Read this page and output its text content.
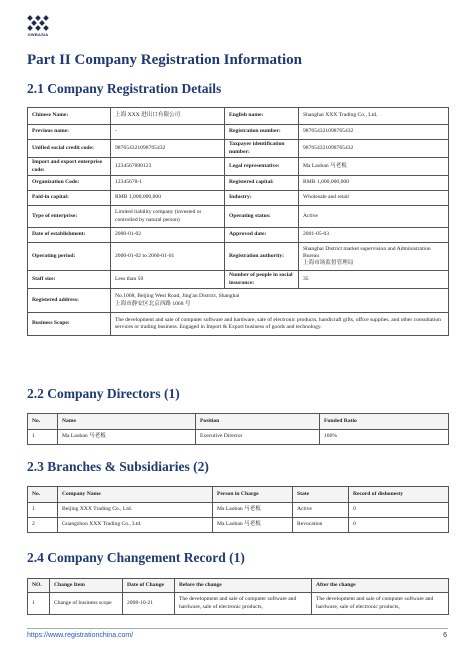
GWBASIA
Part II Company Registration Information
2.1 Company Registration Details
Chinese Name:	上海 XXX 进出口有限公司	English name:	Shanghai XXX Trading Co., Ltd.
Previous name:	-	Registration number:	987654321098765432
Unified social credit code:	987654321098765432	Taxpayer identification number:	987654321098765432
Import and export enterprise code:	1234567890123	Legal representative:	Ma Laoban 马老板
Organization Code:	12345678-1	Registered capital:	RMB 1,000,000,000
Paid-in capital:	RMB 1,000,000,000	Industry:	Wholesale and retail
Type of enterprise:	Limited liability company (invested or controlled by natural person)	Operating status:	Active
Date of establishment:	2000-01-02	Approved date:	2001-05-03
Operating period:	2000-01-02 to 2060-01-01	Registration authority:	Shanghai District market supervision and Administration Bureau
上海市场监督管理局
Staff size:	Less than 50	Number of people in social insurance:	35
Registered address:	No.1068, Beijing West Road, Jing'an District, Shanghai
上海市静安区北京西路 1068 号		
Business Scope:	The development and sale of computer software and hardware, sale of electronic products, handicraft gifts, office supplies, and other consultation services or trading business. Engaged in Import & Export business of goods and technology.		
2.2 Company Directors (1)
No.	Name	Position	Funded Ratio
1	Ma Laoban 马老板	Executive Director	100%
2.3 Branches & Subsidiaries (2)
No.	Company Name	Person in Charge	State	Record of dishonesty
1	Beijing XXX Trading Co., Ltd.	Ma Laoban 马老板	Active	0
2	Guangzhou XXX Trading Co., Ltd.	Ma Laoban 马老板	Revocation	0
2.4 Company Changement Record (1)
NO.	Change Item	Date of Change	Before the change	After the change
1	Change of business scope	2008-10-21	The development and sale of computer software and hardware, sale of electronic products,	The development and sale of computer software and hardware, sale of electronic products,
https://www.registrationchina.com/	6
